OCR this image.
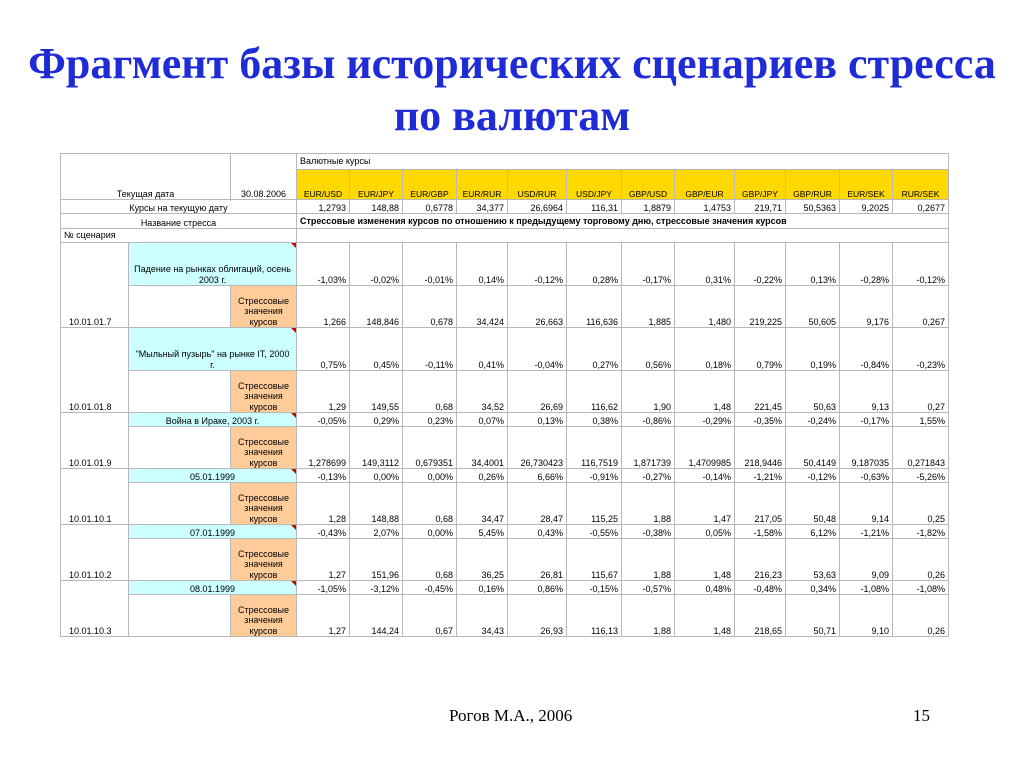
Фрагмент базы исторических сценариев стресса по валютам
Текущая дата		30.08.2006	Валютные курсы											
			EUR/USD	EUR/JPY	EUR/GBP	EUR/RUR	USD/RUR	USD/JPY	GBP/USD	GBP/EUR	GBP/JPY	GBP/RUR	EUR/SEK	RUR/SEK

Курсы на текущую дату			1,2793	148,88	0,6778	34,377	26,6964	116,31	1,8879	1,4753	219,71	50,5363	9,2025	0,2677
Название стресса			Стрессовые изменения курсов по отношению к предыдущему торговому дню, стрессовые значения курсов											
№ сценария														
10.01.01.7	Падение на рынках облигаций, осень 2003 г.		-1,03%	-0,02%	-0,01%	0,14%	-0,12%	0,28%	-0,17%	0,31%	-0,22%	0,13%	-0,28%	-0,12%
		Стрессовые значения курсов	1,266	148,846	0,678	34,424	26,663	116,636	1,885	1,480	219,225	50,605	9,176	0,267
10.01.01.8	"Мыльный пузырь" на рынке IT, 2000 г.		0,75%	0,45%	-0,11%	0,41%	-0,04%	0,27%	0,56%	0,18%	0,79%	0,19%	-0,84%	-0,23%
		Стрессовые значения курсов	1,29	149,55	0,68	34,52	26,69	116,62	1,90	1,48	221,45	50,63	9,13	0,27
10.01.01.9	Война в Ираке, 2003 г.		-0,05%	0,29%	0,23%	0,07%	0,13%	0,38%	-0,86%	-0,29%	-0,35%	-0,24%	-0,17%	1,55%
		Стрессовые значения курсов	1,278699	149,3112	0,679351	34,4001	26,730423	116,7519	1,871739	1,4709985	218,9446	50,4149	9,187035	0,271843
10.01.10.1	05.01.1999		-0,13%	0,00%	0,00%	0,26%	6,66%	-0,91%	-0,27%	-0,14%	-1,21%	-0,12%	-0,63%	-5,26%
		Стрессовые значения курсов	1,28	148,88	0,68	34,47	28,47	115,25	1,88	1,47	217,05	50,48	9,14	0,25
10.01.10.2	07.01.1999		-0,43%	2,07%	0,00%	5,45%	0,43%	-0,55%	-0,38%	0,05%	-1,58%	6,12%	-1,21%	-1,82%
		Стрессовые значения курсов	1,27	151,96	0,68	36,25	26,81	115,67	1,88	1,48	216,23	53,63	9,09	0,26
10.01.10.3	08.01.1999		-1,05%	-3,12%	-0,45%	0,16%	0,86%	-0,15%	-0,57%	0,48%	-0,48%	0,34%	-1,08%	-1,08%
		Стрессовые значения курсов	1,27	144,24	0,67	34,43	26,93	116,13	1,88	1,48	218,65	50,71	9,10	0,26
Рогов М.А., 2006	15
